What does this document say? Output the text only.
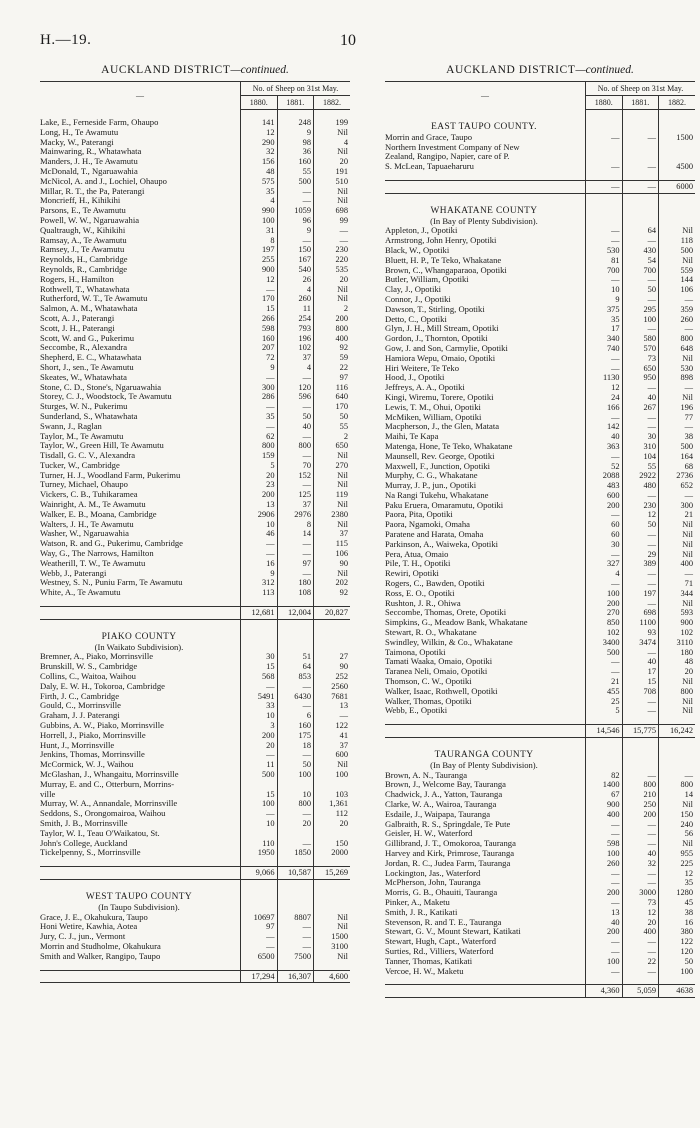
H.—19.	10
AUCKLAND DISTRICT—continued.
—	No. of Sheep on 31st May.		
	1880.	1881.	1882.

Lake, E., Ferneside Farm, Ohaupo	141	248	199
Long, H., Te Awamutu	12	9	Nil
Macky, W., Paterangi	290	98	4
Mainwaring, R., Whatawhata	32	36	Nil
Manders, J. H., Te Awamutu	156	160	20
McDonald, T., Ngaruawahia	48	55	191
McNicol, A. and J., Lochiel, Ohaupo	575	500	510
Millar, R. T., the Pa, Paterangi	35	—	Nil
Moncrieff, H., Kihikihi	4	—	Nil
Parsons, E., Te Awamutu	990	1059	698
Powell, W. W., Ngaruawahia	100	96	99
Qualtraugh, W., Kihikihi	31	9	—
Ramsay, A., Te Awamutu	8	—	—
Ramsey, J., Te Awamutu	197	150	230
Reynolds, H., Cambridge	255	167	220
Reynolds, R., Cambridge	900	540	535
Rogers, H., Hamilton	12	26	20
Rothwell, T., Whatawhata	—	4	Nil
Rutherford, W. T., Te Awamutu	170	260	Nil
Salmon, A. M., Whatawhata	15	11	2
Scott, A. J., Paterangi	266	254	200
Scott, J. H., Paterangi	598	793	800
Scott, W. and G., Pukerimu	160	196	400
Seccombe, R., Alexandra	207	102	92
Shepherd, E. C., Whatawhata	72	37	59
Short, J., sen., Te Awamutu	9	4	22
Skeates, W., Whatawhata	—	—	97
Stone, C. D., Stone's, Ngaruawahia	300	120	116
Storey, C. J., Woodstock, Te Awamutu	286	596	640
Sturges, W. N., Pukerimu	—	—	170
Sunderland, S., Whatawhata	35	50	50
Swann, J., Raglan	—	40	55
Taylor, M., Te Awamutu	62	—	2
Taylor, W., Green Hill, Te Awamutu	800	800	650
Tisdall, G. C. V., Alexandra	159	—	Nil
Tucker, W., Cambridge	5	70	270
Turner, H. J., Woodland Farm, Pukerimu	20	152	Nil
Turney, Michael, Ohaupo	23	—	Nil
Vickers, C. B., Tuhikaramea	200	125	119
Wainright, A. M., Te Awamutu	13	37	Nil
Walker, E. B., Moana, Cambridge	2906	2976	2380
Walters, J. H., Te Awamutu	10	8	Nil
Washer, W., Ngaruawahia	46	14	37
Watson, R. and G., Pukerimu, Cambridge	—	—	115
Way, G., The Narrows, Hamilton	—	—	106
Weatherill, T. W., Te Awamutu	16	97	90
Webb, J., Paterangi	9	—	Nil
Westney, S. N., Puniu Farm, Te Awamutu	312	180	202
White, A., Te Awamutu	113	108	92

	12,681	12,004	20,827

PIAKO COUNTY			
(In Waikato Subdivision).			
Bremner, A., Piako, Morrinsville	30	51	27
Brunskill, W. S., Cambridge	15	64	90
Collins, C., Waitoa, Waihou	568	853	252
Daly, E. W. H., Tokoroa, Cambridge	—	—	2560
Firth, J. C., Cambridge	5491	6430	7681
Gould, C., Morrinsville	33	—	13
Graham, J. J. Paterangi	10	6	—
Gubbins, A. W., Piako, Morrinsville	3	160	122
Horrell, J., Piako, Morrinsville	200	175	41
Hunt, J., Morrinsville	20	18	37
Jenkins, Thomas, Morrinsville	—	—	600
McCormick, W. J., Waihou	11	50	Nil
McGlashan, J., Whangaitu, Morrinsville	500	100	100
Murray, E. and C., Otterburn, Morrins-			
ville	15	10	103
Murray, W. A., Annandale, Morrinsville	100	800	1,361
Seddons, S., Orongomairoa, Waihou	—	—	112
Smith, J. B., Morrinsville	10	20	20
Taylor, W. I., Teau O'Waikatou, St.			
John's College, Auckland	110	—	150
Tickelpenny, S., Morrinsville	1950	1850	2000

	9,066	10,587	15,269

WEST TAUPO COUNTY			
(In Taupo Subdivision).			
Grace, J. E., Okahukura, Taupo	10697	8807	Nil
Honi Wetire, Kawhia, Aotea	97	—	Nil
Jury, C. J., jun., Vermont	—	—	1500
Morrin and Studholme, Okahukura	—	—	3100
Smith and Walker, Rangipo, Taupo	6500	7500	Nil

	17,294	16,307	4,600
AUCKLAND DISTRICT—continued.
—	No. of Sheep on 31st May.		
	1880.	1881.	1882.

EAST TAUPO COUNTY.			
Morrin and Grace, Taupo	—	—	1500
Northern Investment Company of New			
Zealand, Rangipo, Napier, care of P.			
S. McLean, Tapuaeharuru	—	—	4500

	—	—	6000

WHAKATANE COUNTY			
(In Bay of Plenty Subdivision).			
Appleton, J., Opotiki	—	64	Nil
Armstrong, John Henry, Opotiki	—	—	118
Black, W., Opotiki	530	430	500
Bluett, H. P., Te Teko, Whakatane	81	54	Nil
Brown, C., Whangaparaoa, Opotiki	700	700	559
Butler, William, Opotiki	—	—	144
Clay, J., Opotiki	10	50	106
Connor, J., Opotiki	9	—	—
Dawson, T., Stirling, Opotiki	375	295	359
Detto, C., Opotiki	35	100	260
Glyn, J. H., Mill Stream, Opotiki	17	—	—
Gordon, J., Thornton, Opotiki	340	580	800
Gow, J. and Son, Carmylie, Opotiki	740	570	648
Hamiora Wepu, Omaio, Opotiki	—	73	Nil
Hiri Weitere, Te Teko	—	650	530
Hood, J., Opotiki	1130	950	898
Jeffreys, A. A., Opotiki	12	—	—
Kingi, Wiremu, Torere, Opotiki	24	40	Nil
Lewis, T. M., Ohui, Opotiki	166	267	196
McMiken, William, Opotiki	—	—	77
Macpherson, J., the Glen, Matata	142	—	—
Maihi, Te Kapa	40	30	38
Matenga, Hone, Te Teko, Whakatane	363	310	500
Maunsell, Rev. George, Opotiki	—	104	164
Maxwell, F., Junction, Opotiki	52	55	68
Murphy, C. G., Whakatane	2088	2922	2736
Murray, J. P., jun., Opotiki	483	480	652
Na Rangi Tukehu, Whakatane	600	—	—
Paku Eruera, Omaramutu, Opotiki	200	230	300
Paora, Pita, Opotiki	—	12	21
Paora, Ngamoki, Omaha	60	50	Nil
Paratene and Harata, Omaha	60	—	Nil
Parkinson, A., Waiweka, Opotiki	30	—	Nil
Pera, Atua, Omaio	—	29	Nil
Pile, T. H., Opotiki	327	389	400
Rewiri, Opotiki	4	—	—
Rogers, C., Bawden, Opotiki	—	—	71
Ross, E. O., Opotiki	100	197	344
Rushton, J. R., Ohiwa	200	—	Nil
Seccombe, Thomas, Orete, Opotiki	270	698	593
Simpkins, G., Meadow Bank, Whakatane	850	1100	900
Stewart, R. O., Whakatane	102	93	102
Swindley, Wilkin, & Co., Whakatane	3400	3474	3110
Taimona, Opotiki	500	—	180
Tamati Waaka, Omaio, Opotiki	—	40	48
Taranea Neli, Omaio, Opotiki	—	17	20
Thomson, C. W., Opotiki	21	15	Nil
Walker, Isaac, Rothwell, Opotiki	455	708	800
Walker, Thomas, Opotiki	25	—	Nil
Webb, E., Opotiki	5	—	Nil

	14,546	15,775	16,242

TAURANGA COUNTY			
(In Bay of Plenty Subdivision).			
Brown, A. N., Tauranga	82	—	—
Brown, J., Welcome Bay, Tauranga	1400	800	800
Chadwick, J. A., Yatton, Tauranga	67	210	14
Clarke, W. A., Wairoa, Tauranga	900	250	Nil
Esdaile, J., Waipapa, Tauranga	400	200	150
Galbraith, R. S., Springdale, Te Pute	—	—	240
Geisler, H. W., Waterford	—	—	56
Gillibrand, J. T., Omokoroa, Tauranga	598	—	Nil
Harvey and Kirk, Primrose, Tauranga	100	40	955
Jordan, R. C., Judea Farm, Tauranga	260	32	225
Lockington, Jas., Waterford	—	—	12
McPherson, John, Tauranga	—	—	35
Morris, G. B., Ohauiti, Tauranga	200	3000	1280
Pinker, A., Maketu	—	73	45
Smith, J. R., Katikati	13	12	38
Stevenson, R. and T. E., Tauranga	40	20	16
Stewart, G. V., Mount Stewart, Katikati	200	400	380
Stewart, Hugh, Capt., Waterford	—	—	122
Surties, Rd., Villiers, Waterford	—	—	120
Tanner, Thomas, Katikati	100	22	50
Vercoe, H. W., Maketu	—	—	100

	4,360	5,059	4638
